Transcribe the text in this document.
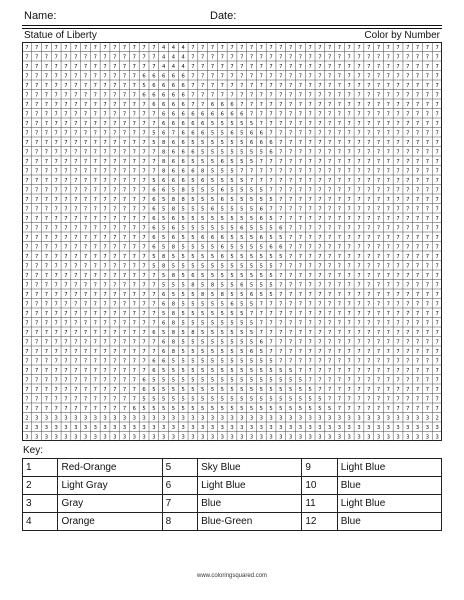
Name:	Date:
Statue of Liberty	Color by Number
7 7 7 7 7 7 7 7 7 7 7 7 7 7 4 4 4 7 7 7 7 7 7 7 7 7 7 7 7 7 7 7 7 7 7 7 7 7 7 7 7 7 7
7 7 7 7 7 7 7 7 7 7 7 7 7 7 4 4 4 7 7 7 7 7 7 7 7 7 7 7 7 7 7 7 7 7 7 7 7 7 7 7 7 7 7
7 7 7 7 7 7 7 7 7 7 7 7 7 7 4 4 4 7 7 7 7 7 7 7 7 7 7 7 7 7 7 7 7 7 7 7 7 7 7 7 7 7 7
7 7 7 7 7 7 7 7 7 7 7 7 6 6 6 6 6 7 7 7 7 7 7 7 7 7 7 7 7 7 7 7 7 7 7 7 7 7 7 7 7 7 7
7 7 7 7 7 7 7 7 7 7 7 7 5 6 6 6 6 7 7 7 7 7 7 7 7 7 7 7 7 7 7 7 7 7 7 7 7 7 7 7 7 7 7
7 7 7 7 7 7 7 7 7 7 7 7 6 6 6 6 6 7 7 7 7 7 7 7 7 7 7 7 7 7 7 7 7 7 7 7 7 7 7 7 7 7 7
7 7 7 7 7 7 7 7 7 7 7 7 7 6 6 6 6 7 7 6 6 6 7 7 7 7 7 7 7 7 7 7 7 7 7 7 7 7 7 7 7 7 7
7 7 7 7 7 7 7 7 7 7 7 7 7 7 6 6 6 6 6 6 6 6 6 7 7 7 7 7 7 7 7 7 7 7 7 7 7 7 7 7 7 7 7
7 7 7 7 7 7 7 7 7 7 7 7 7 7 6 6 6 6 6 5 5 5 5 5 7 7 7 7 7 7 7 7 7 7 7 7 7 7 7 7 7 7 7
7 7 7 7 7 7 7 7 7 7 7 7 7 5 6 7 6 6 6 5 5 6 5 6 6 7 7 7 7 7 7 7 7 7 7 7 7 7 7 7 7 7 7
7 7 7 7 7 7 7 7 7 7 7 7 7 5 8 6 6 5 5 5 5 5 5 6 6 6 7 7 7 7 7 7 7 7 7 7 7 7 7 7 7 7 7
7 7 7 7 7 7 7 7 7 7 7 7 7 7 8 6 6 6 5 5 5 5 5 5 5 6 7 7 7 7 7 7 7 7 7 7 7 7 7 7 7 7 7
7 7 7 7 7 7 7 7 7 7 7 7 7 7 8 6 6 5 5 5 6 5 5 5 7 7 7 7 7 7 7 7 7 7 7 7 7 7 7 7 7 7 7
7 7 7 7 7 7 7 7 7 7 7 7 7 7 8 6 6 6 8 5 5 5 7 7 7 7 7 7 7 7 7 7 7 7 7 7 7 7 7 7 7 7 7
7 7 7 7 7 7 7 7 7 7 7 7 7 5 6 6 6 5 6 5 5 5 5 7 7 7 7 7 7 7 7 7 7 7 7 7 7 7 7 7 7 7 7
7 7 7 7 7 7 7 7 7 7 7 7 7 6 6 5 8 5 5 5 6 5 5 5 5 7 7 7 7 7 7 7 7 7 7 7 7 7 7 7 7 7 7
7 7 7 7 7 7 7 7 7 7 7 7 7 6 5 8 8 5 5 5 6 5 5 5 5 5 7 7 7 7 7 7 7 7 7 7 7 7 7 7 7 7 7
7 7 7 7 7 7 7 7 7 7 7 7 7 6 5 8 5 5 5 6 5 5 5 5 6 7 7 7 7 7 7 7 7 7 7 7 7 7 7 7 7 7 7
7 7 7 7 7 7 7 7 7 7 7 7 7 6 5 6 5 5 5 5 5 5 5 5 6 5 7 7 7 7 7 7 7 7 7 7 7 7 7 7 7 7 7
7 7 7 7 7 7 7 7 7 7 7 7 7 6 5 6 5 5 5 5 5 5 6 5 5 5 6 7 7 7 7 7 7 7 7 7 7 7 7 7 7 7 7
7 7 7 7 7 7 7 7 7 7 7 7 7 6 5 6 5 5 6 6 6 5 5 5 6 5 5 7 7 7 7 7 7 7 7 7 7 7 7 7 7 7 7
7 7 7 7 7 7 7 7 7 7 7 7 7 6 5 8 5 5 5 5 6 5 5 5 5 6 6 7 7 7 7 7 7 7 7 7 7 7 7 7 7 7 7
7 7 7 7 7 7 7 7 7 7 7 7 7 5 8 5 5 5 5 5 6 5 5 5 5 5 5 7 7 7 7 7 7 7 7 7 7 7 7 7 7 7 7
7 7 7 7 7 7 7 7 7 7 7 7 7 5 8 5 5 5 5 5 5 5 5 5 5 5 7 7 7 7 7 7 7 7 7 7 7 7 7 7 7 7 7
7 7 7 7 7 7 7 7 7 7 7 7 7 7 5 8 5 6 5 5 5 5 5 5 5 5 7 7 7 7 7 7 7 7 7 7 7 7 7 7 7 7 7
7 7 7 7 7 7 7 7 7 7 7 7 7 7 5 5 5 8 5 8 5 5 6 5 5 5 7 7 7 7 7 7 7 7 7 7 7 7 7 7 7 7 7
7 7 7 7 7 7 7 7 7 7 7 7 7 7 6 5 5 5 8 5 8 5 5 6 5 5 7 7 7 7 7 7 7 7 7 7 7 7 7 7 7 7 7
7 7 7 7 7 7 7 7 7 7 7 7 7 7 6 8 5 5 5 5 5 6 5 5 7 7 7 7 7 7 7 7 7 7 7 7 7 7 7 7 7 7 7
7 7 7 7 7 7 7 7 7 7 7 7 7 7 5 8 5 5 5 5 5 5 5 7 7 7 7 7 7 7 7 7 7 7 7 7 7 7 7 7 7 7 7
7 7 7 7 7 7 7 7 7 7 7 7 7 7 6 8 5 5 5 5 5 5 5 5 7 7 7 7 7 7 7 7 7 7 7 7 7 7 7 7 7 7 7
7 7 7 7 7 7 7 7 7 7 7 7 7 6 5 8 5 8 5 5 5 5 5 5 7 7 7 7 7 7 7 7 7 7 7 7 7 7 7 7 7 7 7
7 7 7 7 7 7 7 7 7 7 7 7 7 7 6 8 5 5 5 5 5 5 5 5 6 7 7 7 7 7 7 7 7 7 7 7 7 7 7 7 7 7 7
7 7 7 7 7 7 7 7 7 7 7 7 7 7 6 8 5 5 5 5 5 5 5 6 5 7 7 7 7 7 7 7 7 7 7 7 7 7 7 7 7 7 7
7 7 7 7 7 7 7 7 7 7 7 7 7 6 6 5 5 5 5 5 5 5 5 5 5 5 7 7 7 7 7 7 7 7 7 7 7 7 7 7 7 7 7
7 7 7 7 7 7 7 7 7 7 7 7 7 6 5 5 5 5 5 5 5 5 5 5 5 5 5 5 7 7 7 7 7 7 7 7 7 7 7 7 7 7 7
7 7 7 7 7 7 7 7 7 7 7 7 6 5 5 5 5 5 5 5 5 5 5 5 5 5 5 5 5 7 7 7 7 7 7 7 7 7 7 7 7 7 7
7 7 7 7 7 7 7 7 7 7 7 7 6 5 5 5 5 5 5 5 5 5 5 5 5 5 5 5 5 5 7 7 7 7 7 7 7 7 7 7 7 7 7
7 7 7 7 7 7 7 7 7 7 7 7 5 5 5 5 5 5 5 5 5 5 5 5 5 5 5 5 5 5 5 7 7 7 7 7 7 7 7 7 7 7 7
7 7 7 7 7 7 7 7 7 7 7 6 5 5 5 5 5 5 5 5 5 5 5 5 5 5 5 5 5 5 5 5 7 7 7 7 7 7 7 7 7 7 7
2 3 3 3 3 3 3 3 3 3 3 3 3 3 3 3 3 3 3 3 3 3 3 3 3 3 3 3 3 3 3 3 3 3 3 3 3 3 3 3 3 3 2
2 3 3 3 3 3 3 3 3 3 3 3 3 3 3 3 3 3 3 3 3 3 3 3 3 3 3 3 3 3 3 3 3 3 3 3 3 3 3 3 3 3 3
3 3 3 3 3 3 3 3 3 3 3 3 3 3 3 3 3 3 3 3 3 3 3 3 3 3 3 3 3 3 3 3 3 3 3 3 3 3 3 3 3 3 3
Key:
1	Red-Orange	5	Sky Blue	9	Light Blue
2	Light Gray	6	Light Blue	10	Blue
3	Gray	7	Blue	11	Light Blue
4	Orange	8	Blue-Green	12	Blue
www.coloringsquared.com
